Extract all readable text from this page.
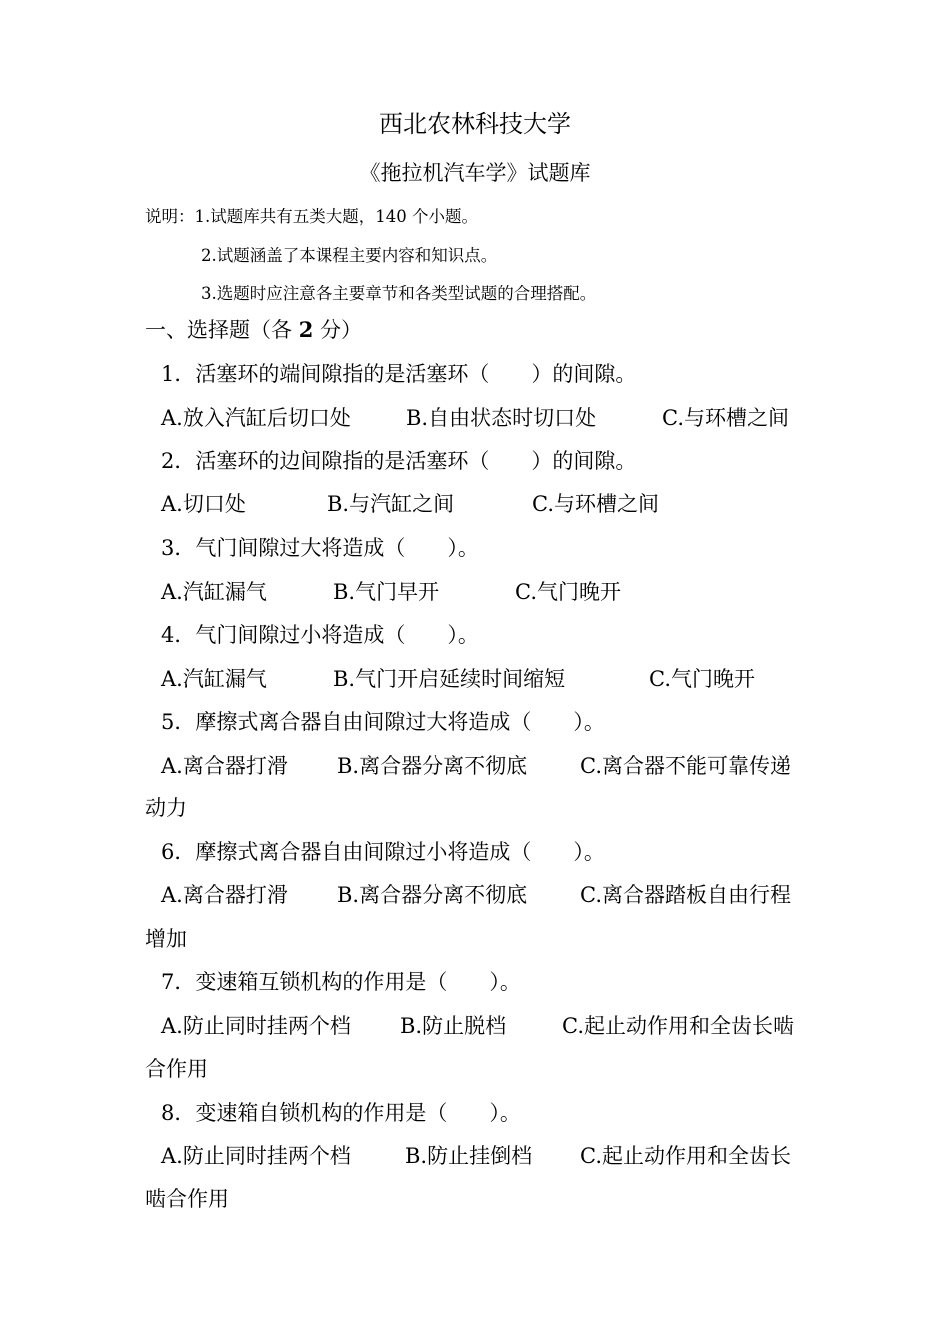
西北农林科技大学
《拖拉机汽车学》试题库
说明：1.试题库共有五类大题，140 个小题。
2.试题涵盖了本课程主要内容和知识点。
3.选题时应注意各主要章节和各类型试题的合理搭配。
一、选择题（各 2 分）
1．活塞环的端间隙指的是活塞环（　　）的间隙。
A.放入汽缸后切口处	B.自由状态时切口处	C.与环槽之间
2．活塞环的边间隙指的是活塞环（　　）的间隙。
A.切口处	B.与汽缸之间	C.与环槽之间
3．气门间隙过大将造成（　　）。
A.汽缸漏气	B.气门早开	C.气门晚开
4．气门间隙过小将造成（　　）。
A.汽缸漏气	B.气门开启延续时间缩短	C.气门晚开
5．摩擦式离合器自由间隙过大将造成（　　）。
A.离合器打滑 B.离合器分离不彻底	C.离合器不能可靠传递
动力
6．摩擦式离合器自由间隙过小将造成（　　）。
A.离合器打滑 B.离合器分离不彻底	C.离合器踏板自由行程
增加
7．变速箱互锁机构的作用是（　　）。
A.防止同时挂两个档 B.防止脱档	C.起止动作用和全齿长啮
合作用
8．变速箱自锁机构的作用是（　　）。
A.防止同时挂两个档	B.防止挂倒档 C.起止动作用和全齿长
啮合作用
